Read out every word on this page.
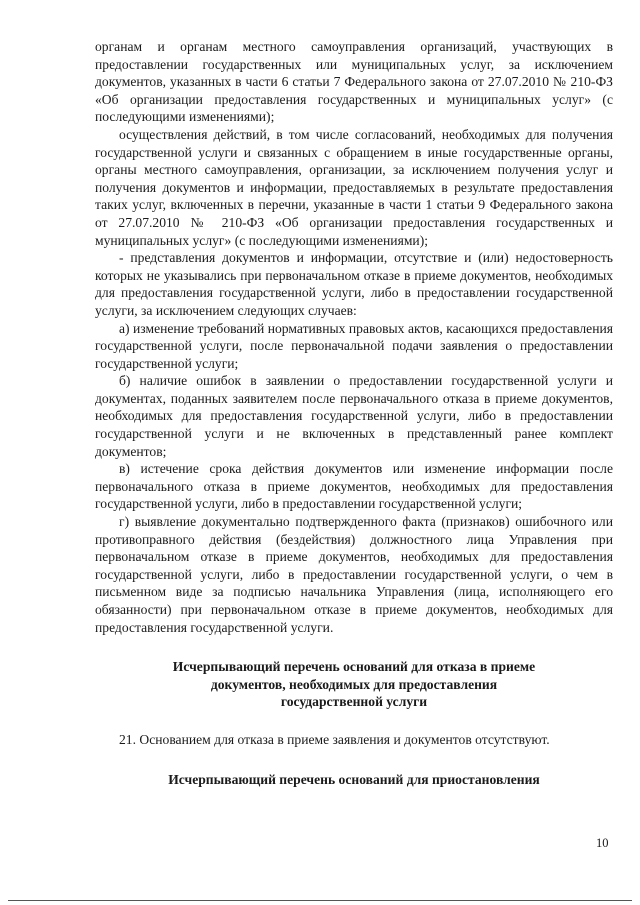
органам и органам местного самоуправления организаций, участвующих в предоставлении государственных или муниципальных услуг, за исключением документов, указанных в части 6 статьи 7 Федерального закона от 27.07.2010 № 210-ФЗ «Об организации предоставления государственных и муниципальных услуг» (с последующими изменениями);

осуществления действий, в том числе согласований, необходимых для получения государственной услуги и связанных с обращением в иные государственные органы, органы местного самоуправления, организации, за исключением получения услуг и получения документов и информации, предоставляемых в результате предоставления таких услуг, включенных в перечни, указанные в части 1 статьи 9 Федерального закона от 27.07.2010 № 210-ФЗ «Об организации предоставления государственных и муниципальных услуг» (с последующими изменениями);

- представления документов и информации, отсутствие и (или) недостоверность которых не указывались при первоначальном отказе в приеме документов, необходимых для предоставления государственной услуги, либо в предоставлении государственной услуги, за исключением следующих случаев:

а) изменение требований нормативных правовых актов, касающихся предоставления государственной услуги, после первоначальной подачи заявления о предоставлении государственной услуги;

б) наличие ошибок в заявлении о предоставлении государственной услуги и документах, поданных заявителем после первоначального отказа в приеме документов, необходимых для предоставления государственной услуги, либо в предоставлении государственной услуги и не включенных в представленный ранее комплект документов;

в) истечение срока действия документов или изменение информации после первоначального отказа в приеме документов, необходимых для предоставления государственной услуги, либо в предоставлении государственной услуги;

г) выявление документально подтвержденного факта (признаков) ошибочного или противоправного действия (бездействия) должностного лица Управления при первоначальном отказе в приеме документов, необходимых для предоставления государственной услуги, либо в предоставлении государственной услуги, о чем в письменном виде за подписью начальника Управления (лица, исполняющего его обязанности) при первоначальном отказе в приеме документов, необходимых для предоставления государственной услуги.

Исчерпывающий перечень оснований для отказа в приеме
документов, необходимых для предоставления
государственной услуги

21. Основанием для отказа в приеме заявления и документов отсутствуют.

Исчерпывающий перечень оснований для приостановления
10
